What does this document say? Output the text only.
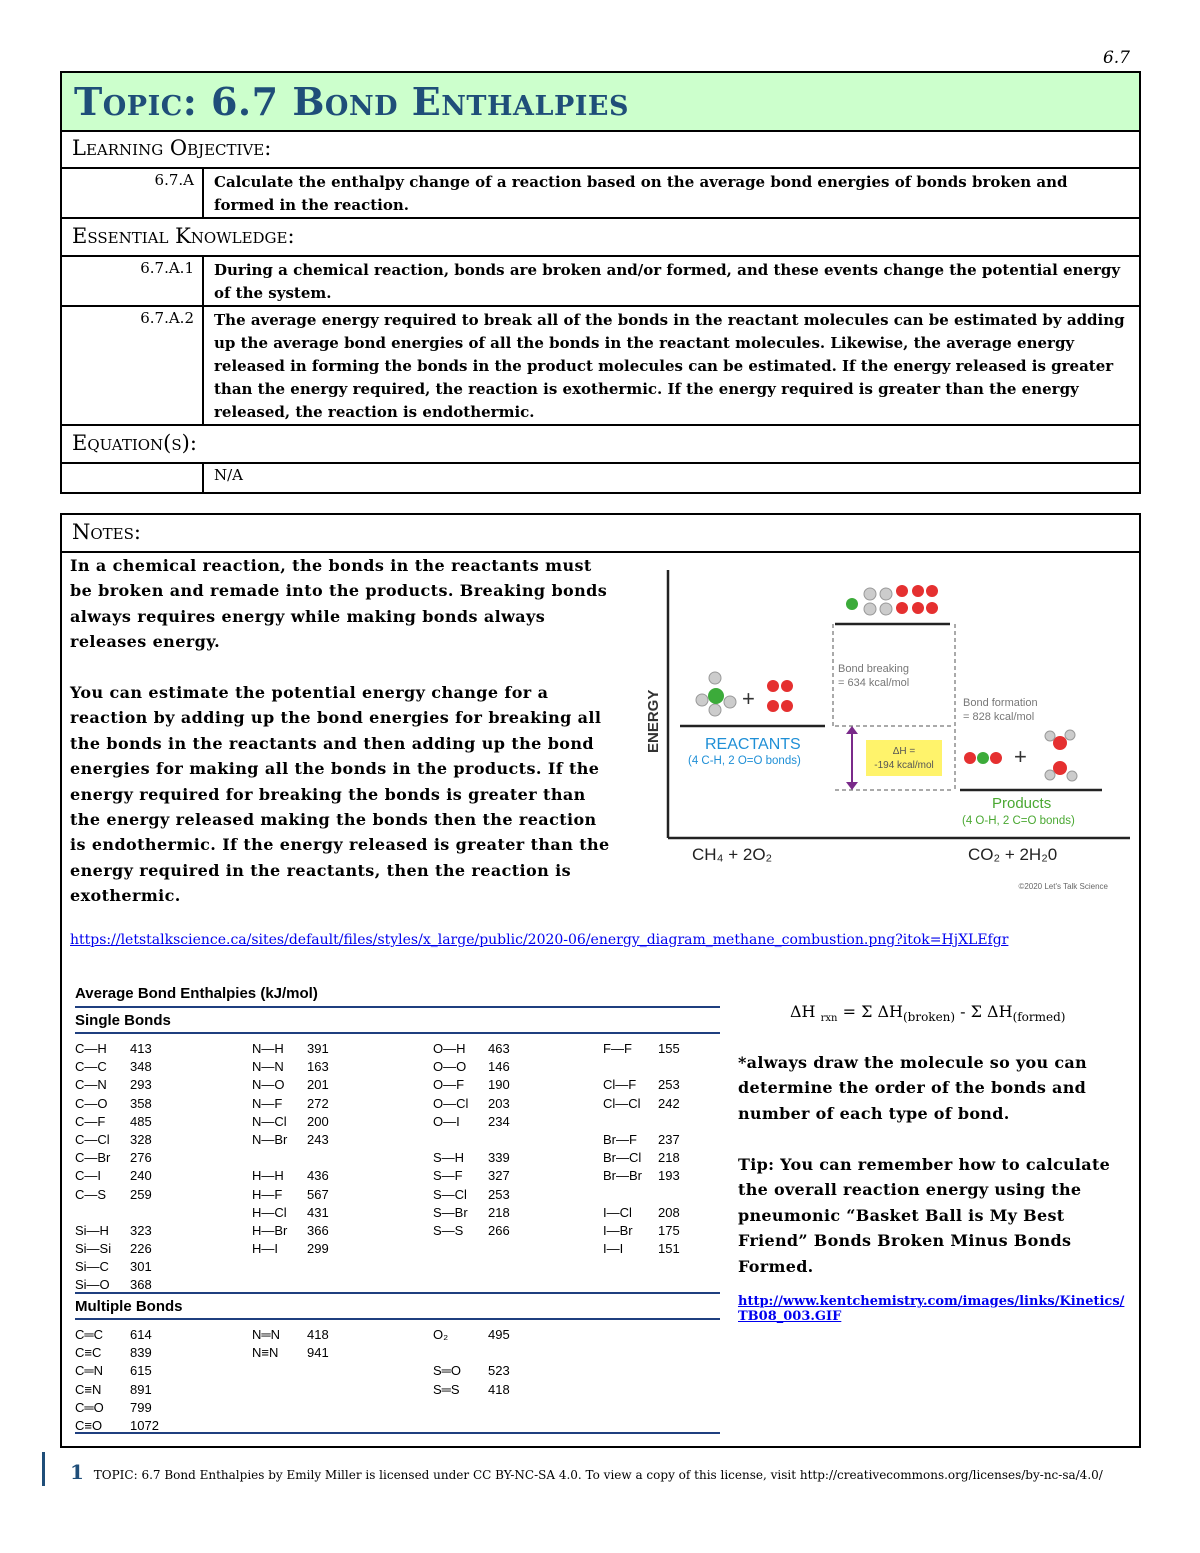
6.7
Topic: 6.7 Bond Enthalpies
Learning Objective:
6.7.A	Calculate the enthalpy change of a reaction based on the average bond energies of bonds broken and formed in the reaction.
Essential Knowledge:
6.7.A.1	During a chemical reaction, bonds are broken and/or formed, and these events change the potential energy of the system.
6.7.A.2	The average energy required to break all of the bonds in the reactant molecules can be estimated by adding up the average bond energies of all the bonds in the reactant molecules. Likewise, the average energy released in forming the bonds in the product molecules can be estimated. If the energy released is greater than the energy required, the reaction is exothermic. If the energy required is greater than the energy released, the reaction is endothermic.
Equation(s):
	N/A
Notes:
In a chemical reaction, the bonds in the reactants must be broken and remade into the products. Breaking bonds always requires energy while making bonds always releases energy.
You can estimate the potential energy change for a reaction by adding up the bond energies for breaking all the bonds in the reactants and then adding up the bond energies for making all the bonds in the products. If the energy required for breaking the bonds is greater than the energy released making the bonds then the reaction is endothermic. If the energy released is greater than the energy required in the reactants, then the reaction is exothermic.
https://letstalkscience.ca/sites/default/files/styles/x_large/public/2020-06/energy_diagram_methane_combustion.png?itok=HjXLEfgr
ENERGY	ΔH =
-194 kcal/mol
Bond breaking
= 634 kcal/mol
Bond formation
= 828 kcal/mol
REACTANTS
(4 C-H, 2 O=O bonds)
Products
(4 O-H, 2 C=O bonds)
CH₄ + 2O₂	CO₂ + 2H₂0
©2020 Let's Talk Science
+
+
Average Bond Enthalpies (kJ/mol)
Single Bonds
C—H 413
C—C 348
C—N 293
C—O 358
C—F 485
C—Cl 328
C—Br 276
C—I 240
C—S 259
Si—H 323
Si—Si 226
Si—C 301
Si—O 368
N—H 391
N—N 163
N—O 201
N—F 272
N—Cl 200
N—Br 243
H—H 436
H—F 567
H—Cl 431
H—Br 366
H—I 299
O—H 463
O—O 146
O—F 190
O—Cl 203
O—I 234
S—H 339
S—F 327
S—Cl 253
S—Br 218
S—S 266
F—F 155
Cl—F 253
Cl—Cl 242
Br—F 237
Br—Cl 218
Br—Br 193
I—Cl 208
I—Br 175
I—I	151
Multiple Bonds
C═C 614
C≡C 839
C═N 615
C≡N 891
C═O 799
C≡O 1072
N═N 418
N≡N 941
O₂	495
S═O 523
S═S 418
ΔH $_{rxn}$ = Σ $\Delta H_{(broken)}$ - Σ $\Delta H_{(formed)}$
*always draw the molecule so you can determine the order of the bonds and number of each type of bond.
Tip: You can remember how to calculate the overall reaction energy using the pneumonic “Basket Ball is My Best Friend” Bonds Broken Minus Bonds Formed.
http://www.kentchemistry.com/images/links/Kinetics/TB08_003.GIF
1 TOPIC: 6.7 Bond Enthalpies by Emily Miller is licensed under CC BY-NC-SA 4.0. To view a copy of this license, visit http://creativecommons.org/licenses/by-nc-sa/4.0/
